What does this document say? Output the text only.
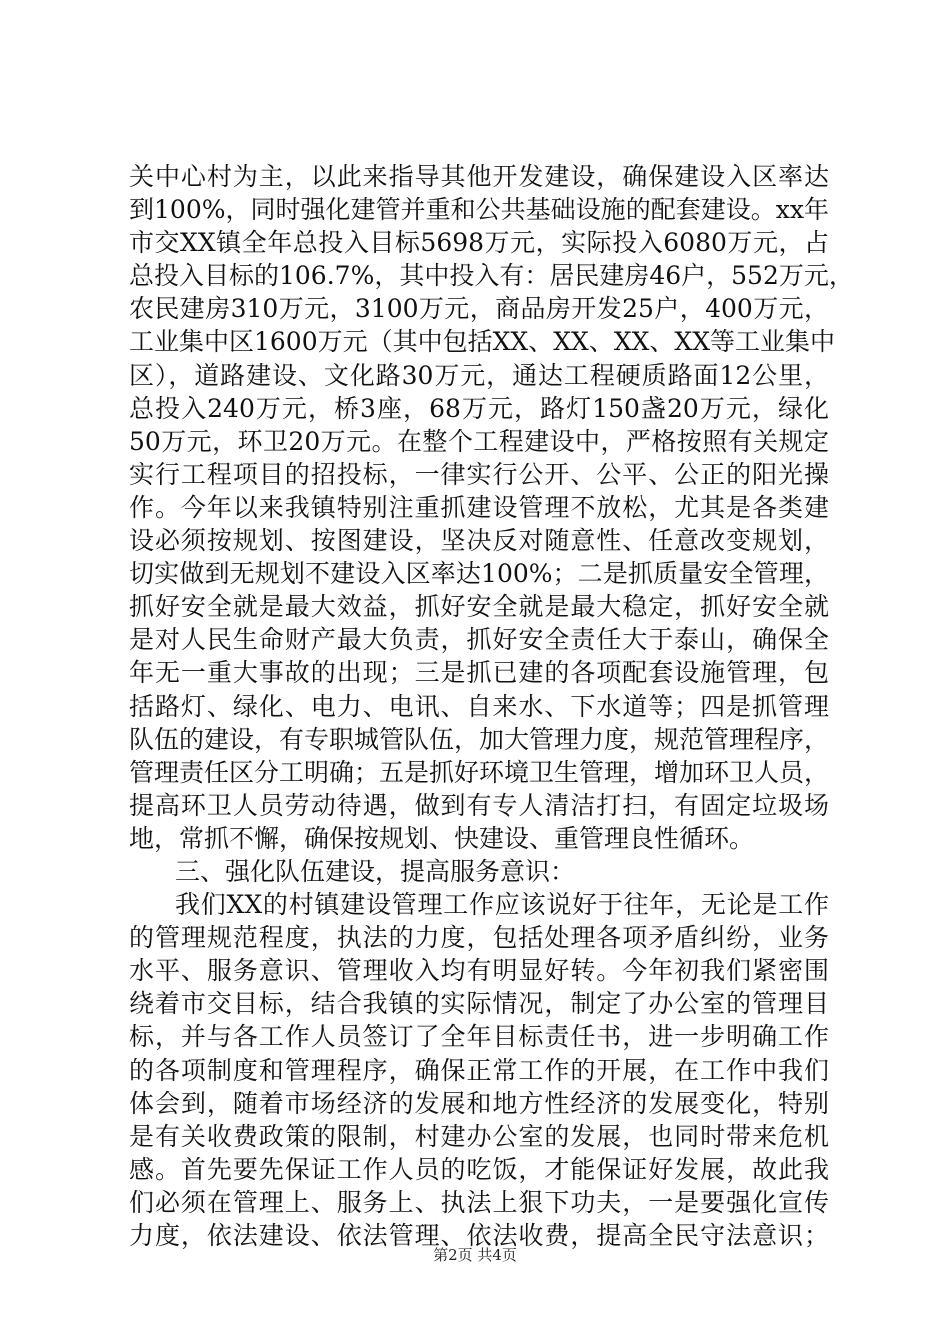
关中心村为主，以此来指导其他开发建设，确保建设入区率达
到100%，同时强化建管并重和公共基础设施的配套建设。xx年
市交XX镇全年总投入目标5698万元，实际投入6080万元，占
总投入目标的106.7%，其中投入有：居民建房46户，552万元，
农民建房310万元，3100万元，商品房开发25户，400万元，
工业集中区1600万元（其中包括XX、XX、XX、XX等工业集中
区），道路建设、文化路30万元，通达工程硬质路面12公里，
总投入240万元，桥3座，68万元，路灯150盏20万元，绿化
50万元，环卫20万元。在整个工程建设中，严格按照有关规定
实行工程项目的招投标，一律实行公开、公平、公正的阳光操
作。今年以来我镇特别注重抓建设管理不放松，尤其是各类建
设必须按规划、按图建设，坚决反对随意性、任意改变规划，
切实做到无规划不建设入区率达100%；二是抓质量安全管理，
抓好安全就是最大效益，抓好安全就是最大稳定，抓好安全就
是对人民生命财产最大负责，抓好安全责任大于泰山，确保全
年无一重大事故的出现；三是抓已建的各项配套设施管理，包
括路灯、绿化、电力、电讯、自来水、下水道等；四是抓管理
队伍的建设，有专职城管队伍，加大管理力度，规范管理程序，
管理责任区分工明确；五是抓好环境卫生管理，增加环卫人员，
提高环卫人员劳动待遇，做到有专人清洁打扫，有固定垃圾场
地，常抓不懈，确保按规划、快建设、重管理良性循环。
三、强化队伍建设，提高服务意识：
我们XX的村镇建设管理工作应该说好于往年，无论是工作
的管理规范程度，执法的力度，包括处理各项矛盾纠纷，业务
水平、服务意识、管理收入均有明显好转。今年初我们紧密围
绕着市交目标，结合我镇的实际情况，制定了办公室的管理目
标，并与各工作人员签订了全年目标责任书，进一步明确工作
的各项制度和管理程序，确保正常工作的开展，在工作中我们
体会到，随着市场经济的发展和地方性经济的发展变化，特别
是有关收费政策的限制，村建办公室的发展，也同时带来危机
感。首先要先保证工作人员的吃饭，才能保证好发展，故此我
们必须在管理上、服务上、执法上狠下功夫，一是要强化宣传
力度，依法建设、依法管理、依法收费，提高全民守法意识；
第2页 共4页
